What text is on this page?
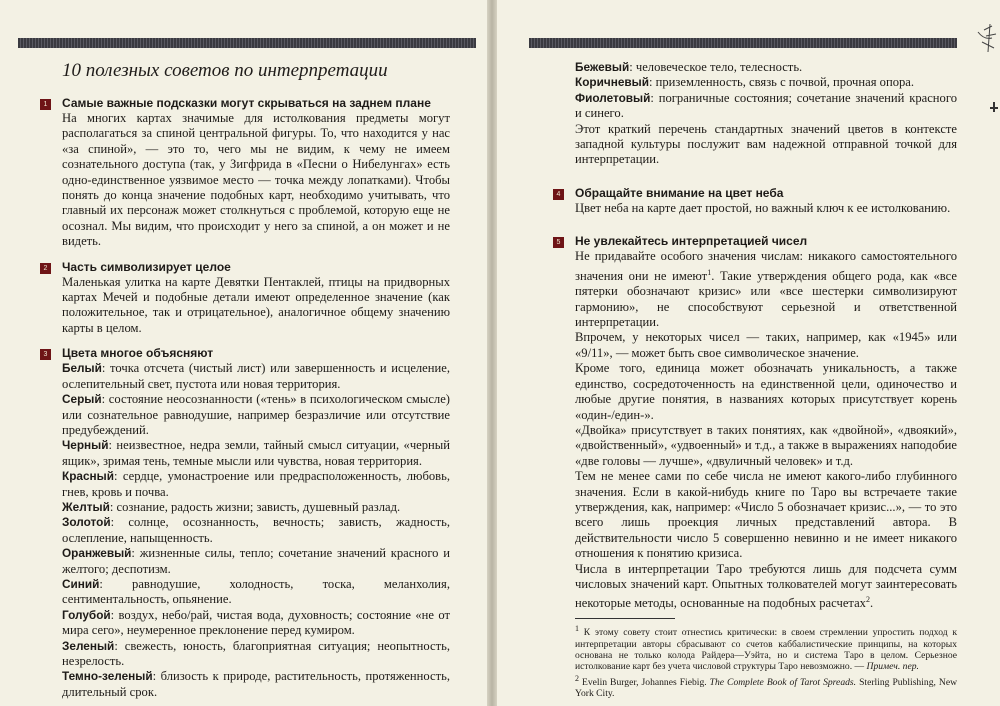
10 полезных советов по интерпретации
1 Самые важные подсказки могут скрываться на заднем плане

На многих картах значимые для истолкования предметы могут располагаться за спиной центральной фигуры. То, что находится у нас «за спиной», — это то, чего мы не видим, к чему не имеем сознательного доступа (так, у Зигфрида в «Песни о Нибелунгах» есть одно-единственное уязвимое место — точка между лопатками). Чтобы понять до конца значение подобных карт, необходимо учитывать, что главный их персонаж может столкнуться с проблемой, которую еще не осознал. Мы видим, что происходит у него за спиной, а он может и не видеть.

2 Часть символизирует целое

Маленькая улитка на карте Девятки Пентаклей, птицы на придворных картах Мечей и подобные детали имеют определенное значение (как положительное, так и отрицательное), аналогичное общему значению карты в целом.

3 Цвета многое объясняют

Белый: точка отсчета (чистый лист) или завершенность и исцеление, ослепительный свет, пустота или новая территория.

Серый: состояние неосознанности («тень» в психологическом смысле) или сознательное равнодушие, например безразличие или отсутствие предубеждений.

Черный: неизвестное, недра земли, тайный смысл ситуации, «черный ящик», зримая тень, темные мысли или чувства, новая территория.

Красный: сердце, умонастроение или предрасположенность, любовь, гнев, кровь и почва.

Желтый: сознание, радость жизни; зависть, душевный разлад.

Золотой: солнце, осознанность, вечность; зависть, жадность, ослепление, напыщенность.

Оранжевый: жизненные силы, тепло; сочетание значений красного и желтого; деспотизм.

Синий: равнодушие, холодность, тоска, меланхолия, сентиментальность, опьянение.

Голубой: воздух, небо/рай, чистая вода, духовность; состояние «не от мира сего», неумеренное преклонение перед кумиром.

Зеленый: свежесть, юность, благоприятная ситуация; неопытность, незрелость.

Темно-зеленый: близость к природе, растительность, протяженность, длительный срок.

Бежевый: человеческое тело, телесность.

Коричневый: приземленность, связь с почвой, прочная опора.

Фиолетовый: пограничные состояния; сочетание значений красного и синего.

Этот краткий перечень стандартных значений цветов в контексте западной культуры послужит вам надежной отправной точкой для интерпретации.

4 Обращайте внимание на цвет неба

Цвет неба на карте дает простой, но важный ключ к ее истолкованию.

5 Не увлекайтесь интерпретацией чисел

Не придавайте особого значения числам: никакого самостоятельного значения они не имеют$^1$. Такие утверждения общего рода, как «все пятерки обозначают кризис» или «все шестерки символизируют гармонию», не способствуют серьезной и ответственной интерпретации.

Впрочем, у некоторых чисел — таких, например, как «1945» или «9/11», — может быть свое символическое значение.

Кроме того, единица может обозначать уникальность, а также единство, сосредоточенность на единственной цели, одиночество и любые другие понятия, в названиях которых присутствует корень «один-/един-».

«Двойка» присутствует в таких понятиях, как «двойной», «двоякий», «двойственный», «удвоенный» и т.д., а также в выражениях наподобие «две головы — лучше», «двуличный человек» и т.д.

Тем не менее сами по себе числа не имеют какого-либо глубинного значения. Если в какой-нибудь книге по Таро вы встречаете такие утверждения, как, например: «Число 5 обозначает кризис...», — то это всего лишь проекция личных представлений автора. В действительности число 5 совершенно невинно и не имеет никакого отношения к понятию кризиса.

Числа в интерпретации Таро требуются лишь для подсчета сумм числовых значений карт. Опытных толкователей могут заинтересовать некоторые методы, основанные на подобных расчетах$^2$.

$^1$ К этому совету стоит отнестись критически: в своем стремлении упростить подход к интерпретации авторы сбрасывают со счетов каббалистические принципы, на которых основана не только колода Райдера—Уэйта, но и система Таро в целом. Серьезное истолкование карт без учета числовой структуры Таро невозможно. — Примеч. пер.

$^2$ Evelin Burger, Johannes Fiebig. The Complete Book of Tarot Spreads. Sterling Publishing, New York City.
